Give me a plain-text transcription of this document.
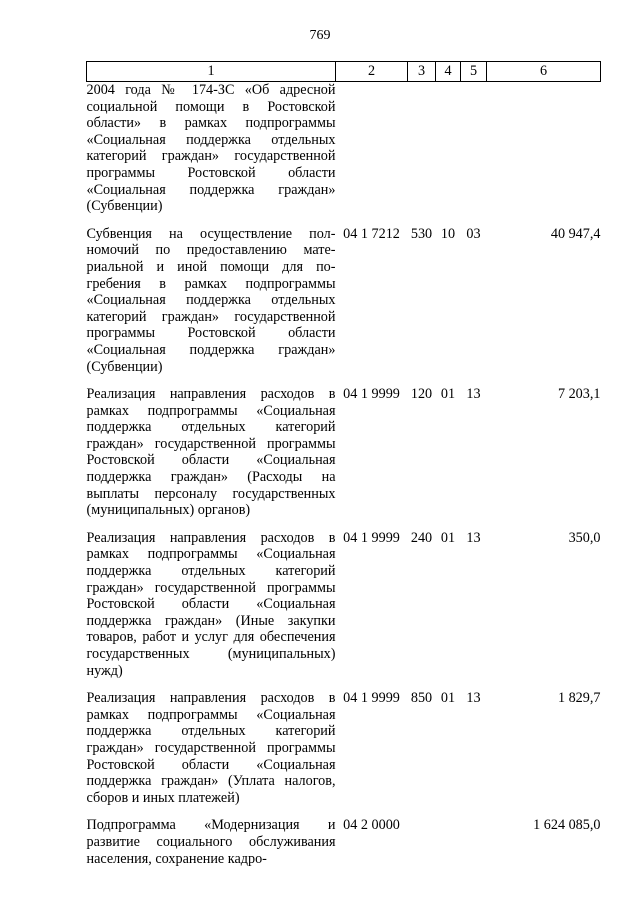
769
1	2	3	4	5	6
2004 года № 174-ЗС «Об адресной социальной помощи в Ростовской области» в рамках подпрограммы «Социальная поддержка отдельных категорий граждан» государственной программы Ростовской области «Социальная поддержка граждан» (Субвенции)					
Субвенция на осуществление полномочий по предоставлению материальной и иной помощи для погребения в рамках подпрограммы «Социальная поддержка отдельных категорий граждан» государственной программы Ростовской области «Социальная поддержка граждан» (Субвенции)	04 1 7212	530	10	03	40 947,4
Реализация направления расходов в рамках подпрограммы «Социальная поддержка отдельных категорий граждан» государственной программы Ростовской области «Социальная поддержка граждан» (Расходы на выплаты персоналу государственных (муниципальных) органов)	04 1 9999	120	01	13	7 203,1
Реализация направления расходов в рамках подпрограммы «Социальная поддержка отдельных категорий граждан» государственной программы Ростовской области «Социальная поддержка граждан» (Иные закупки товаров, работ и услуг для обеспечения государственных (муниципальных) нужд)	04 1 9999	240	01	13	350,0
Реализация направления расходов в рамках подпрограммы «Социальная поддержка отдельных категорий граждан» государственной программы Ростовской области «Социальная поддержка граждан» (Уплата налогов, сборов и иных платежей)	04 1 9999	850	01	13	1 829,7
Подпрограмма «Модернизация и развитие социального обслуживания населения, сохранение кадро-	04 2 0000				1 624 085,0
